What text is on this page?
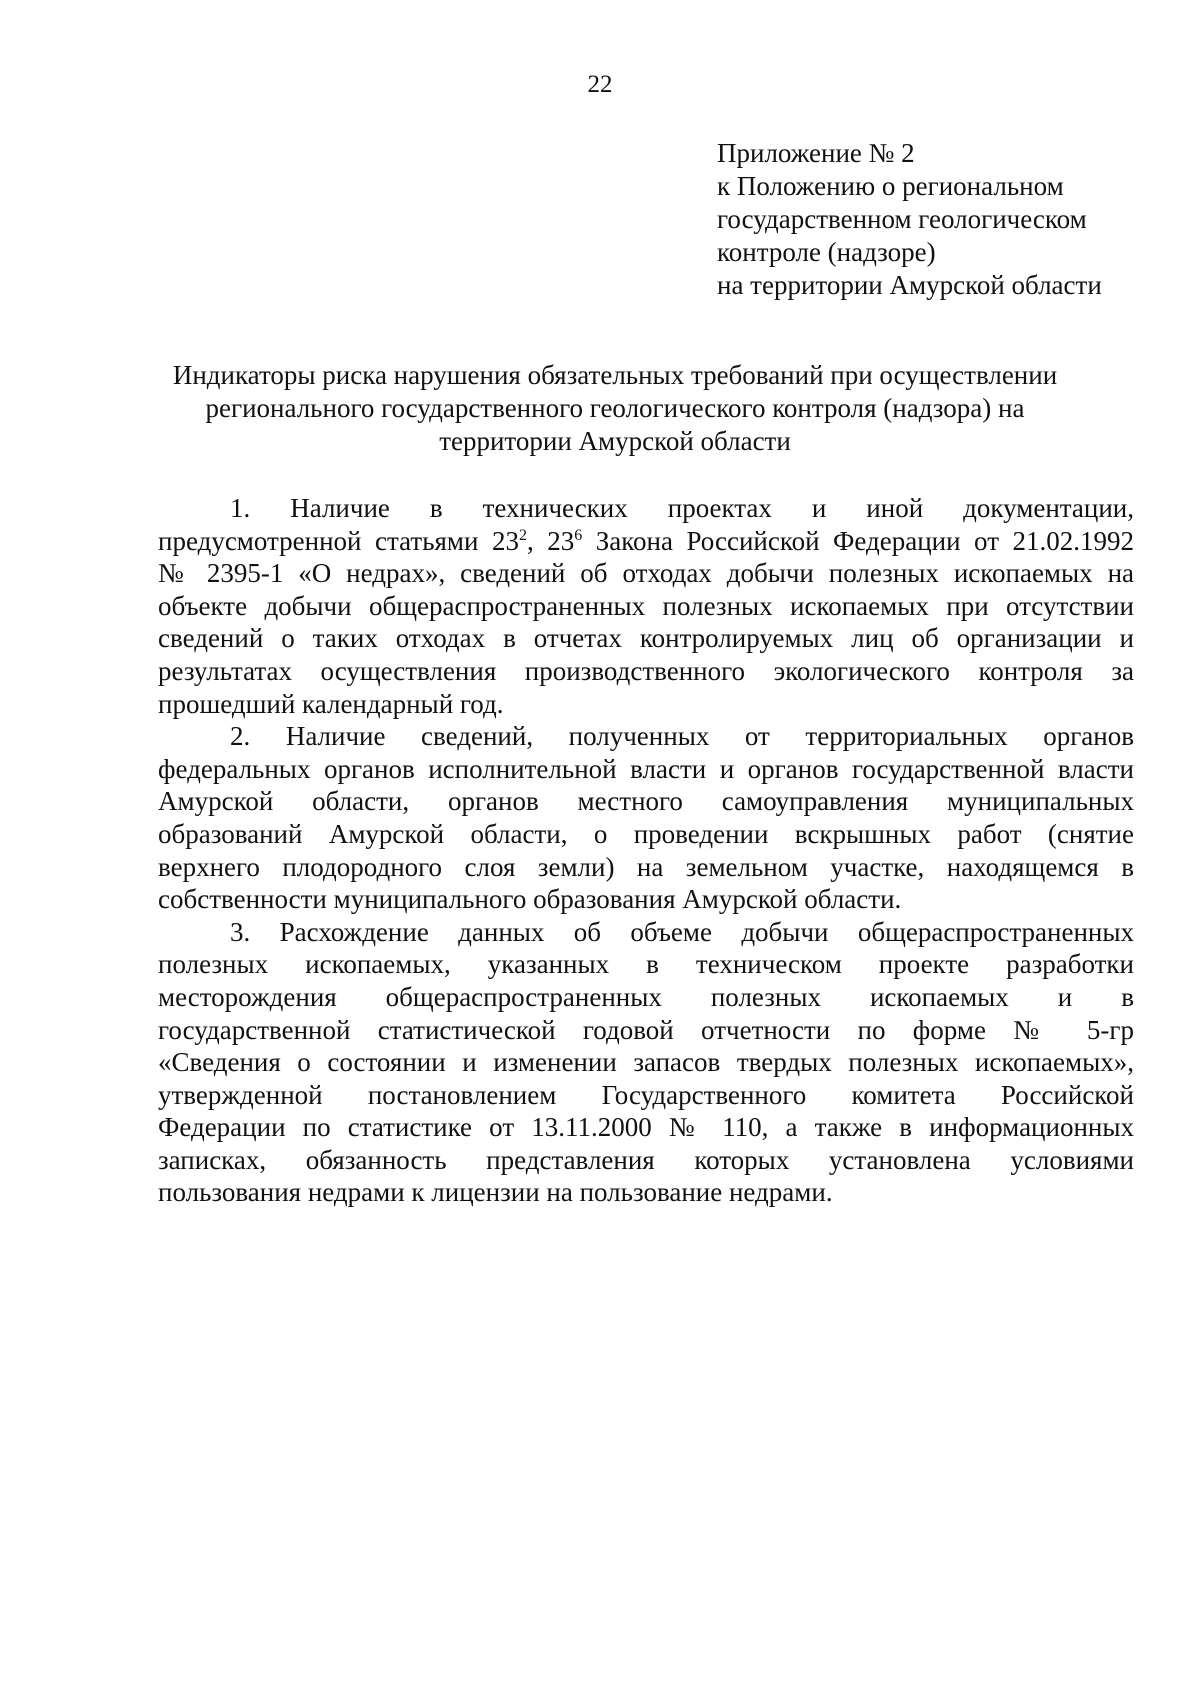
22
Приложение № 2
к Положению о региональном
государственном геологическом
контроле (надзоре)
на территории Амурской области
Индикаторы риска нарушения обязательных требований при осуществлении
регионального государственного геологического контроля (надзора) на
территории Амурской области
1. Наличие в технических проектах и иной документации,
предусмотренной статьями $23^2$, $23^6$ Закона Российской Федерации от 21.02.1992
№ 2395-1 «О недрах», сведений об отходах добычи полезных ископаемых на
объекте добычи общераспространенных полезных ископаемых при отсутствии
сведений о таких отходах в отчетах контролируемых лиц об организации и
результатах осуществления производственного экологического контроля за
прошедший календарный год.
2. Наличие сведений, полученных от территориальных органов
федеральных органов исполнительной власти и органов государственной власти
Амурской области, органов местного самоуправления муниципальных
образований Амурской области, о проведении вскрышных работ (снятие
верхнего плодородного слоя земли) на земельном участке, находящемся в
собственности муниципального образования Амурской области.
3. Расхождение данных об объеме добычи общераспространенных
полезных ископаемых, указанных в техническом проекте разработки
месторождения общераспространенных полезных ископаемых и в
государственной статистической годовой отчетности по форме № 5-гр
«Сведения о состоянии и изменении запасов твердых полезных ископаемых»,
утвержденной постановлением Государственного комитета Российской
Федерации по статистике от 13.11.2000 № 110, а также в информационных
записках, обязанность представления которых установлена условиями
пользования недрами к лицензии на пользование недрами.
